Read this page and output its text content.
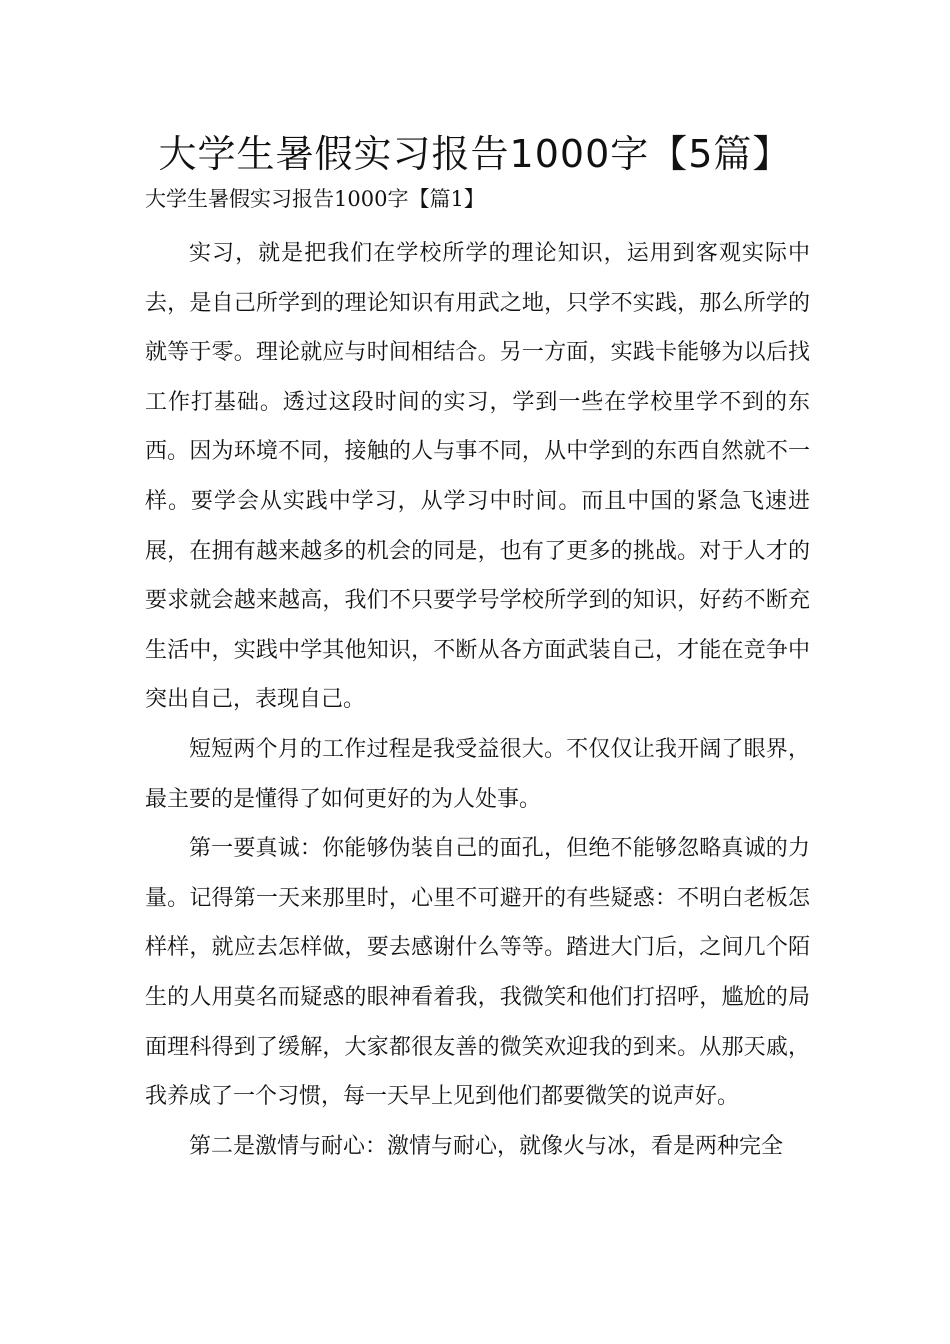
大学生暑假实习报告1000字【5篇】
大学生暑假实习报告1000字【篇1】

实习，就是把我们在学校所学的理论知识，运用到客观实际中去，是自己所学到的理论知识有用武之地，只学不实践，那么所学的就等于零。理论就应与时间相结合。另一方面，实践卡能够为以后找工作打基础。透过这段时间的实习，学到一些在学校里学不到的东西。因为环境不同，接触的人与事不同，从中学到的东西自然就不一样。要学会从实践中学习，从学习中时间。而且中国的紧急飞速进展，在拥有越来越多的机会的同是，也有了更多的挑战。对于人才的要求就会越来越高，我们不只要学号学校所学到的知识，好药不断充生活中，实践中学其他知识，不断从各方面武装自己，才能在竞争中突出自己，表现自己。

短短两个月的工作过程是我受益很大。不仅仅让我开阔了眼界，最主要的是懂得了如何更好的为人处事。

第一要真诚：你能够伪装自己的面孔，但绝不能够忽略真诚的力量。记得第一天来那里时，心里不可避开的有些疑惑：不明白老板怎样样，就应去怎样做，要去感谢什么等等。踏进大门后，之间几个陌生的人用莫名而疑惑的眼神看着我，我微笑和他们打招呼，尴尬的局面理科得到了缓解，大家都很友善的微笑欢迎我的到来。从那天戚，我养成了一个习惯，每一天早上见到他们都要微笑的说声好。

第二是激情与耐心：激情与耐心，就像火与冰，看是两种完全
